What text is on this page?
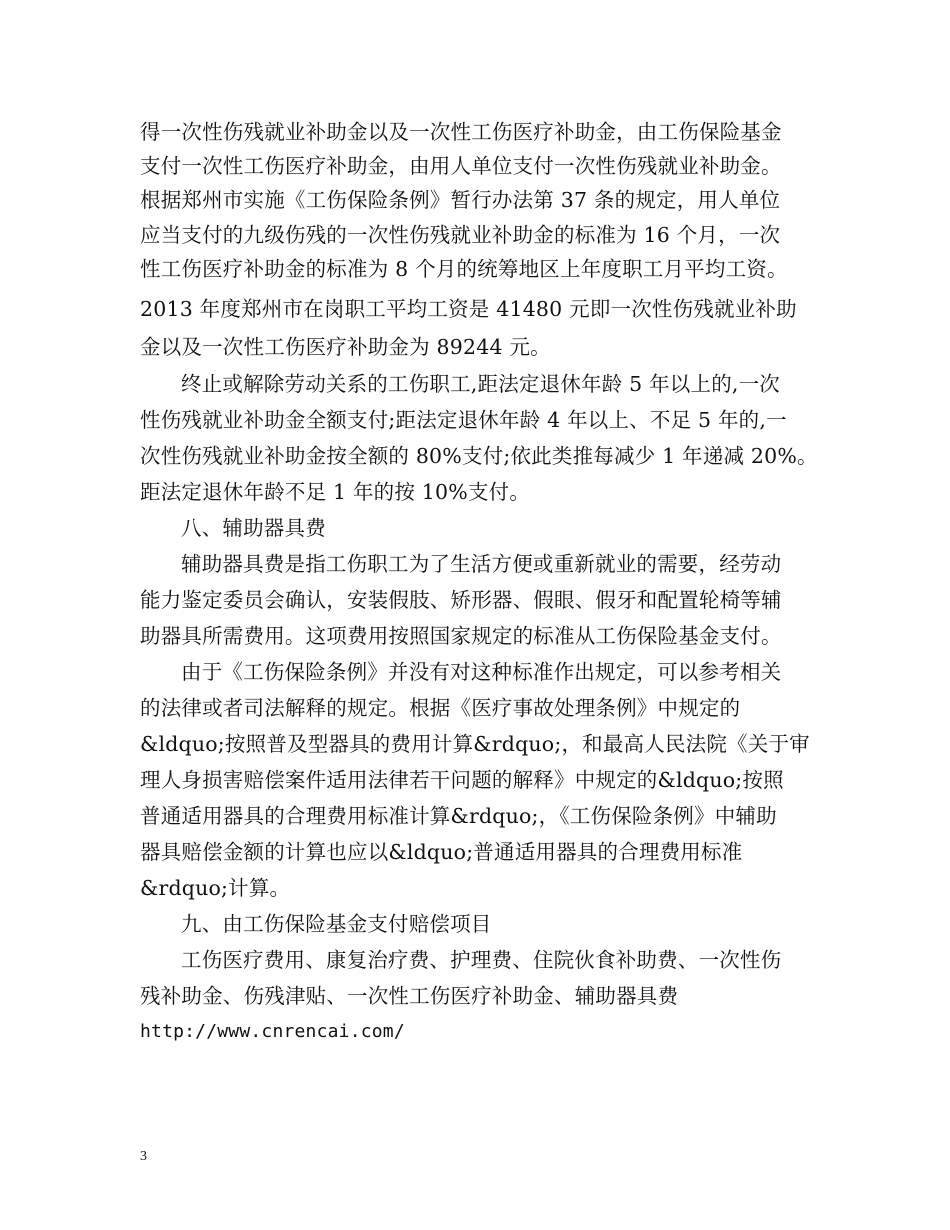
得一次性伤残就业补助金以及一次性工伤医疗补助金，由工伤保险基金
支付一次性工伤医疗补助金，由用人单位支付一次性伤残就业补助金。
根据郑州市实施《工伤保险条例》暂行办法第 37 条的规定，用人单位
应当支付的九级伤残的一次性伤残就业补助金的标准为 16 个月，一次
性工伤医疗补助金的标准为 8 个月的统筹地区上年度职工月平均工资。
2013 年度郑州市在岗职工平均工资是 41480 元即一次性伤残就业补助
金以及一次性工伤医疗补助金为 89244 元。
终止或解除劳动关系的工伤职工,距法定退休年龄 5 年以上的,一次
性伤残就业补助金全额支付;距法定退休年龄 4 年以上、不足 5 年的,一
次性伤残就业补助金按全额的 80%支付;依此类推每减少 1 年递减 20%。
距法定退休年龄不足 1 年的按 10%支付。
八、辅助器具费
辅助器具费是指工伤职工为了生活方便或重新就业的需要，经劳动
能力鉴定委员会确认，安装假肢、矫形器、假眼、假牙和配置轮椅等辅
助器具所需费用。这项费用按照国家规定的标准从工伤保险基金支付。
由于《工伤保险条例》并没有对这种标准作出规定，可以参考相关
的法律或者司法解释的规定。根据《医疗事故处理条例》中规定的
&ldquo;按照普及型器具的费用计算&rdquo;，和最高人民法院《关于审
理人身损害赔偿案件适用法律若干问题的解释》中规定的&ldquo;按照
普通适用器具的合理费用标准计算&rdquo;，《工伤保险条例》中辅助
器具赔偿金额的计算也应以&ldquo;普通适用器具的合理费用标准
&rdquo;计算。
九、由工伤保险基金支付赔偿项目
工伤医疗费用、康复治疗费、护理费、住院伙食补助费、一次性伤
残补助金、伤残津贴、一次性工伤医疗补助金、辅助器具费
http://www.cnrencai.com/
3
